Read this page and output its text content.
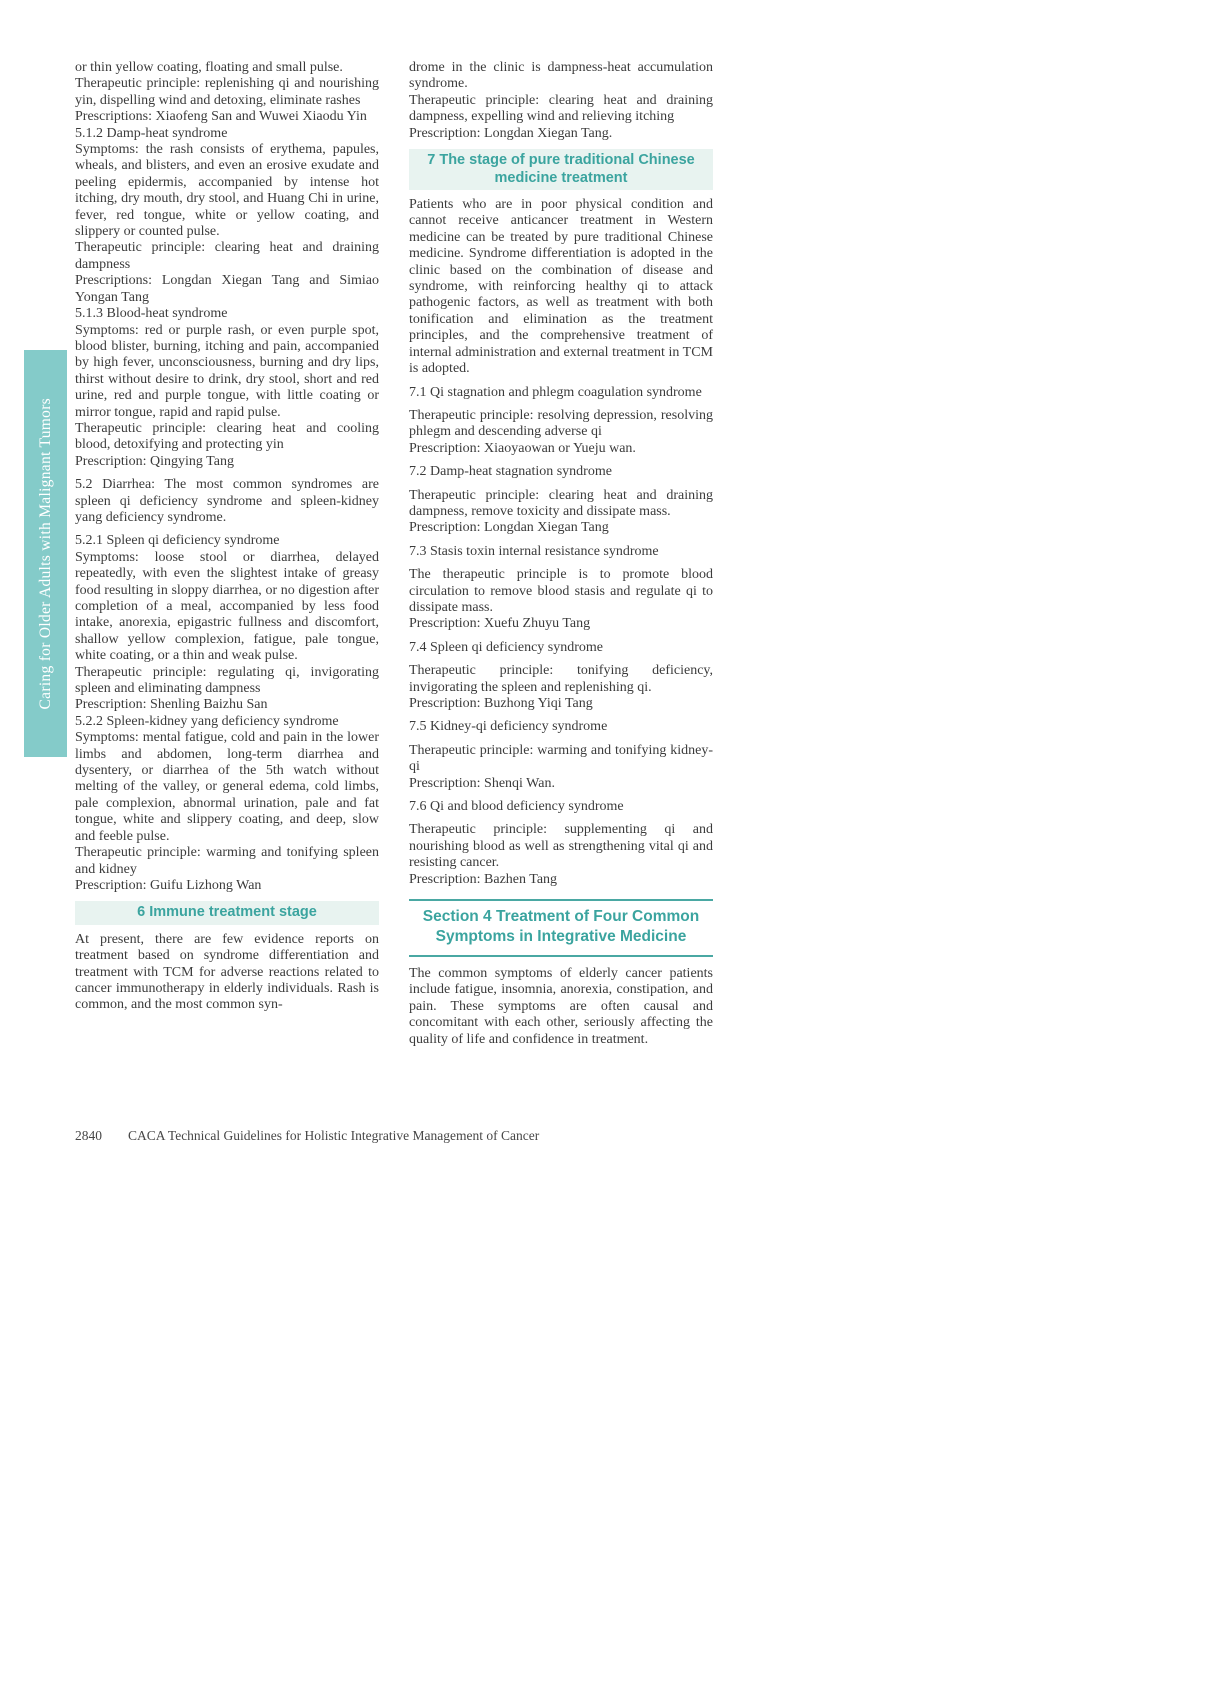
Caring for Older Adults with Malignant Tumors

or thin yellow coating, floating and small pulse.

Therapeutic principle: replenishing qi and nourishing yin, dispelling wind and detoxing, eliminate rashes

Prescriptions: Xiaofeng San and Wuwei Xiaodu Yin

5.1.2 Damp-heat syndrome

Symptoms: the rash consists of erythema, papules, wheals, and blisters, and even an erosive exudate and peeling epidermis, accompanied by intense hot itching, dry mouth, dry stool, and Huang Chi in urine, fever, red tongue, white or yellow coating, and slippery or counted pulse.

Therapeutic principle: clearing heat and draining dampness

Prescriptions: Longdan Xiegan Tang and Simiao Yongan Tang

5.1.3 Blood-heat syndrome

Symptoms: red or purple rash, or even purple spot, blood blister, burning, itching and pain, accompanied by high fever, unconsciousness, burning and dry lips, thirst without desire to drink, dry stool, short and red urine, red and purple tongue, with little coating or mirror tongue, rapid and rapid pulse.

Therapeutic principle: clearing heat and cooling blood, detoxifying and protecting yin

Prescription: Qingying Tang

5.2 Diarrhea: The most common syndromes are spleen qi deficiency syndrome and spleen-kidney yang deficiency syndrome.

5.2.1 Spleen qi deficiency syndrome

Symptoms: loose stool or diarrhea, delayed repeatedly, with even the slightest intake of greasy food resulting in sloppy diarrhea, or no digestion after completion of a meal, accompanied by less food intake, anorexia, epigastric fullness and discomfort, shallow yellow complexion, fatigue, pale tongue, white coating, or a thin and weak pulse.

Therapeutic principle: regulating qi, invigorating spleen and eliminating dampness

Prescription: Shenling Baizhu San

5.2.2 Spleen-kidney yang deficiency syndrome

Symptoms: mental fatigue, cold and pain in the lower limbs and abdomen, long-term diarrhea and dysentery, or diarrhea of the 5th watch without melting of the valley, or general edema, cold limbs, pale complexion, abnormal urination, pale and fat tongue, white and slippery coating, and deep, slow and feeble pulse.

Therapeutic principle: warming and tonifying spleen and kidney

Prescription: Guifu Lizhong Wan

6 Immune treatment stage

At present, there are few evidence reports on treatment based on syndrome differentiation and treatment with TCM for adverse reactions related to cancer immunotherapy in elderly individuals. Rash is common, and the most common syn-

drome in the clinic is dampness-heat accumulation syndrome.

Therapeutic principle: clearing heat and draining dampness, expelling wind and relieving itching

Prescription: Longdan Xiegan Tang.

7 The stage of pure traditional Chinese medicine treatment

Patients who are in poor physical condition and cannot receive anticancer treatment in Western medicine can be treated by pure traditional Chinese medicine. Syndrome differentiation is adopted in the clinic based on the combination of disease and syndrome, with reinforcing healthy qi to attack pathogenic factors, as well as treatment with both tonification and elimination as the treatment principles, and the comprehensive treatment of internal administration and external treatment in TCM is adopted.

7.1 Qi stagnation and phlegm coagulation syndrome

Therapeutic principle: resolving depression, resolving phlegm and descending adverse qi

Prescription: Xiaoyaowan or Yueju wan.

7.2 Damp-heat stagnation syndrome

Therapeutic principle: clearing heat and draining dampness, remove toxicity and dissipate mass.

Prescription: Longdan Xiegan Tang

7.3 Stasis toxin internal resistance syndrome

The therapeutic principle is to promote blood circulation to remove blood stasis and regulate qi to dissipate mass.

Prescription: Xuefu Zhuyu Tang

7.4 Spleen qi deficiency syndrome

Therapeutic principle: tonifying deficiency, invigorating the spleen and replenishing qi.

Prescription: Buzhong Yiqi Tang

7.5 Kidney-qi deficiency syndrome

Therapeutic principle: warming and tonifying kidney-qi

Prescription: Shenqi Wan.

7.6 Qi and blood deficiency syndrome

Therapeutic principle: supplementing qi and nourishing blood as well as strengthening vital qi and resisting cancer.

Prescription: Bazhen Tang

Section 4 Treatment of Four Common Symptoms in Integrative Medicine

The common symptoms of elderly cancer patients include fatigue, insomnia, anorexia, constipation, and pain. These symptoms are often causal and concomitant with each other, seriously affecting the quality of life and confidence in treatment.

2840 CACA Technical Guidelines for Holistic Integrative Management of Cancer
